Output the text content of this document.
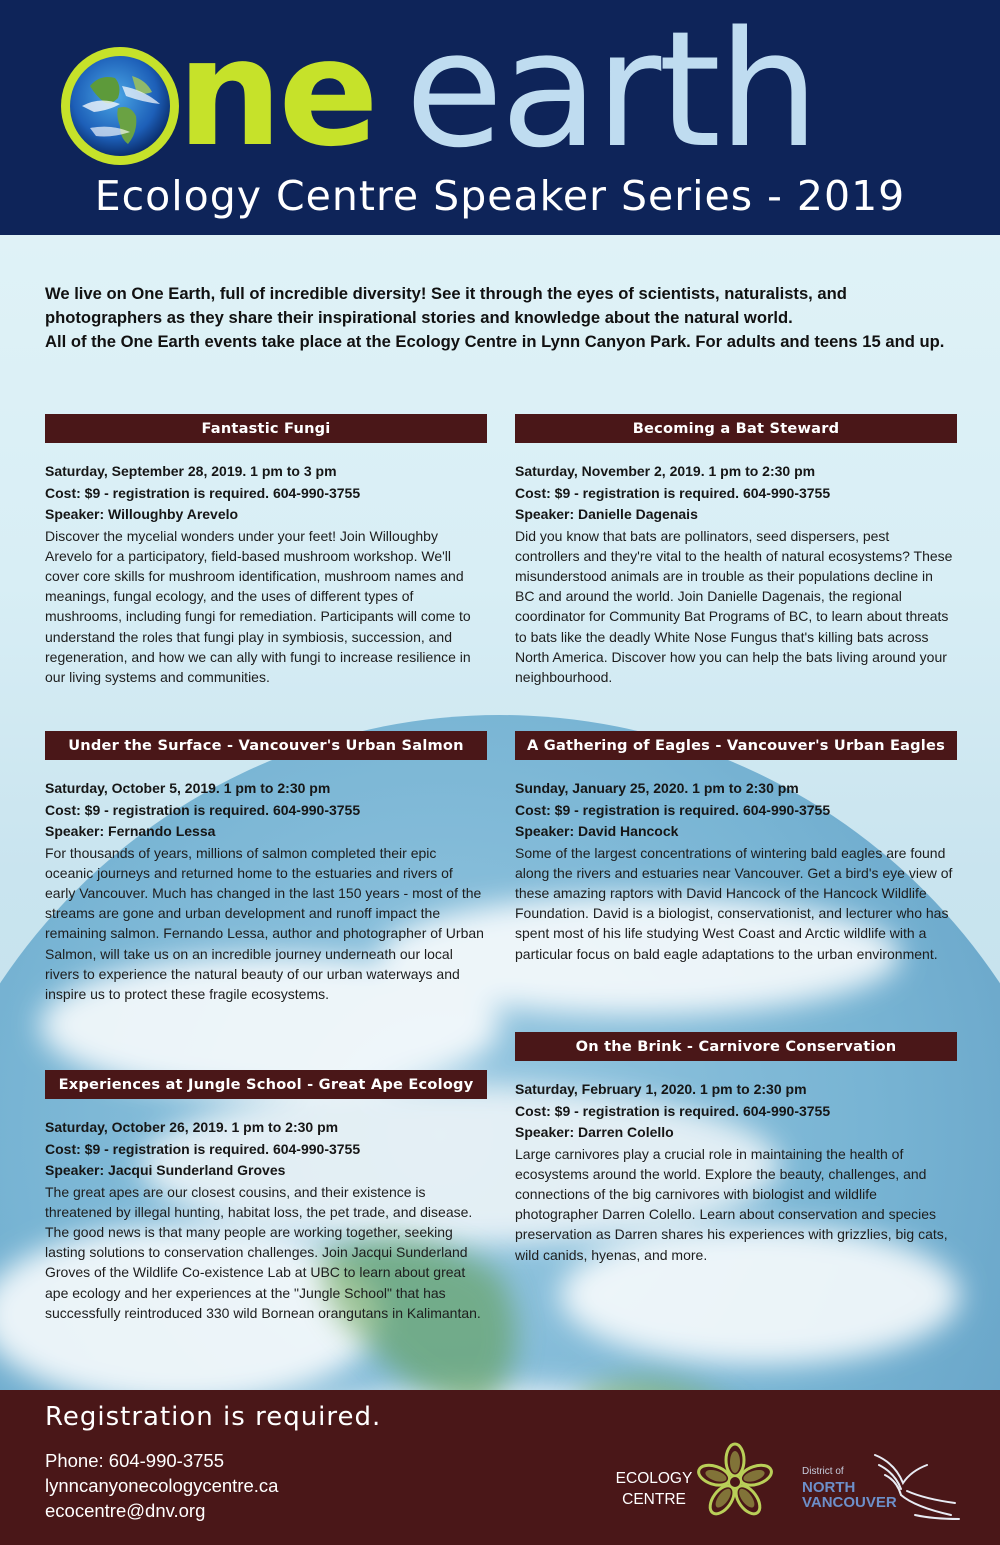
ne earth
Ecology Centre Speaker Series - 2019

We live on One Earth, full of incredible diversity! See it through the eyes of scientists, naturalists, and photographers as they share their inspirational stories and knowledge about the natural world.

All of the One Earth events take place at the Ecology Centre in Lynn Canyon Park. For adults and teens 15 and up.

Fantastic Fungi
Saturday, September 28, 2019. 1 pm to 3 pm
Cost: $9 - registration is required. 604-990-3755
Speaker: Willoughby Arevelo
Discover the mycelial wonders under your feet! Join Willoughby Arevelo for a participatory, field-based mushroom workshop. We'll cover core skills for mushroom identification, mushroom names and meanings, fungal ecology, and the uses of different types of mushrooms, including fungi for remediation. Participants will come to understand the roles that fungi play in symbiosis, succession, and regeneration, and how we can ally with fungi to increase resilience in our living systems and communities.
Becoming a Bat Steward
Saturday, November 2, 2019. 1 pm to 2:30 pm
Cost: $9 - registration is required. 604-990-3755
Speaker: Danielle Dagenais
Did you know that bats are pollinators, seed dispersers, pest controllers and they're vital to the health of natural ecosystems? These misunderstood animals are in trouble as their populations decline in BC and around the world. Join Danielle Dagenais, the regional coordinator for Community Bat Programs of BC, to learn about threats to bats like the deadly White Nose Fungus that's killing bats across North America. Discover how you can help the bats living around your neighbourhood.
Under the Surface - Vancouver's Urban Salmon
Saturday, October 5, 2019. 1 pm to 2:30 pm
Cost: $9 - registration is required. 604-990-3755
Speaker: Fernando Lessa
For thousands of years, millions of salmon completed their epic oceanic journeys and returned home to the estuaries and rivers of early Vancouver. Much has changed in the last 150 years - most of the streams are gone and urban development and runoff impact the remaining salmon. Fernando Lessa, author and photographer of Urban Salmon, will take us on an incredible journey underneath our local rivers to experience the natural beauty of our urban waterways and inspire us to protect these fragile ecosystems.
A Gathering of Eagles - Vancouver's Urban Eagles
Sunday, January 25, 2020. 1 pm to 2:30 pm
Cost: $9 - registration is required. 604-990-3755
Speaker: David Hancock
Some of the largest concentrations of wintering bald eagles are found along the rivers and estuaries near Vancouver. Get a bird's eye view of these amazing raptors with David Hancock of the Hancock Wildlife Foundation. David is a biologist, conservationist, and lecturer who has spent most of his life studying West Coast and Arctic wildlife with a particular focus on bald eagle adaptations to the urban environment.
Experiences at Jungle School - Great Ape Ecology
Saturday, October 26, 2019. 1 pm to 2:30 pm
Cost: $9 - registration is required. 604-990-3755
Speaker: Jacqui Sunderland Groves
The great apes are our closest cousins, and their existence is threatened by illegal hunting, habitat loss, the pet trade, and disease. The good news is that many people are working together, seeking lasting solutions to conservation challenges. Join Jacqui Sunderland Groves of the Wildlife Co-existence Lab at UBC to learn about great ape ecology and her experiences at the "Jungle School" that has successfully reintroduced 330 wild Bornean orangutans in Kalimantan.
On the Brink - Carnivore Conservation
Saturday, February 1, 2020. 1 pm to 2:30 pm
Cost: $9 - registration is required. 604-990-3755
Speaker: Darren Colello
Large carnivores play a crucial role in maintaining the health of ecosystems around the world. Explore the beauty, challenges, and connections of the big carnivores with biologist and wildlife photographer Darren Colello. Learn about conservation and species preservation as Darren shares his experiences with grizzlies, big cats, wild canids, hyenas, and more.
Registration is required.
Phone: 604-990-3755
lynncanyonecologycentre.ca
ecocentre@dnv.org
ECOLOGY
CENTRE
District of
NORTH
VANCOUVER
